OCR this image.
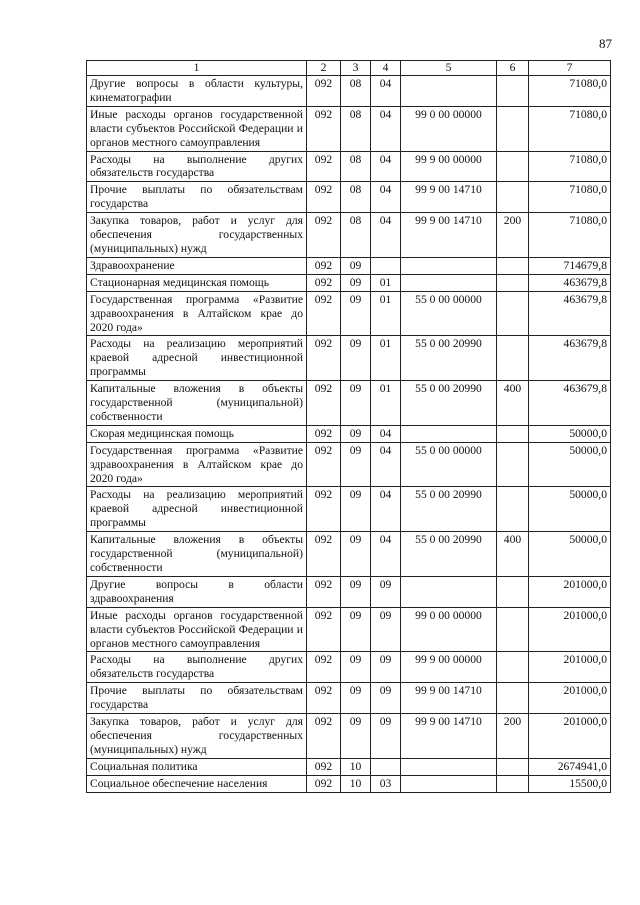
87
1	2	3	4	5	6	7
Другие вопросы в области культуры, кинематографии	092	08	04			71080,0
Иные расходы органов государственной власти субъектов Российской Федерации и органов местного самоуправления	092	08	04	99 0 00 00000		71080,0
Расходы на выполнение других обязательств государства	092	08	04	99 9 00 00000		71080,0
Прочие выплаты по обязательствам государства	092	08	04	99 9 00 14710		71080,0
Закупка товаров, работ и услуг для обеспечения государственных (муниципальных) нужд	092	08	04	99 9 00 14710	200	71080,0
Здравоохранение	092	09				714679,8
Стационарная медицинская помощь	092	09	01			463679,8
Государственная программа «Развитие здравоохранения в Алтайском крае до 2020 года»	092	09	01	55 0 00 00000		463679,8
Расходы на реализацию мероприятий краевой адресной инвестиционной программы	092	09	01	55 0 00 20990		463679,8
Капитальные вложения в объекты государственной (муниципальной) собственности	092	09	01	55 0 00 20990	400	463679,8
Скорая медицинская помощь	092	09	04			50000,0
Государственная программа «Развитие здравоохранения в Алтайском крае до 2020 года»	092	09	04	55 0 00 00000		50000,0
Расходы на реализацию мероприятий краевой адресной инвестиционной программы	092	09	04	55 0 00 20990		50000,0
Капитальные вложения в объекты государственной (муниципальной) собственности	092	09	04	55 0 00 20990	400	50000,0
Другие вопросы в области здравоохранения	092	09	09			201000,0
Иные расходы органов государственной власти субъектов Российской Федерации и органов местного самоуправления	092	09	09	99 0 00 00000		201000,0
Расходы на выполнение других обязательств государства	092	09	09	99 9 00 00000		201000,0
Прочие выплаты по обязательствам государства	092	09	09	99 9 00 14710		201000,0
Закупка товаров, работ и услуг для обеспечения государственных (муниципальных) нужд	092	09	09	99 9 00 14710	200	201000,0
Социальная политика	092	10				2674941,0
Социальное обеспечение населения	092	10	03			15500,0
